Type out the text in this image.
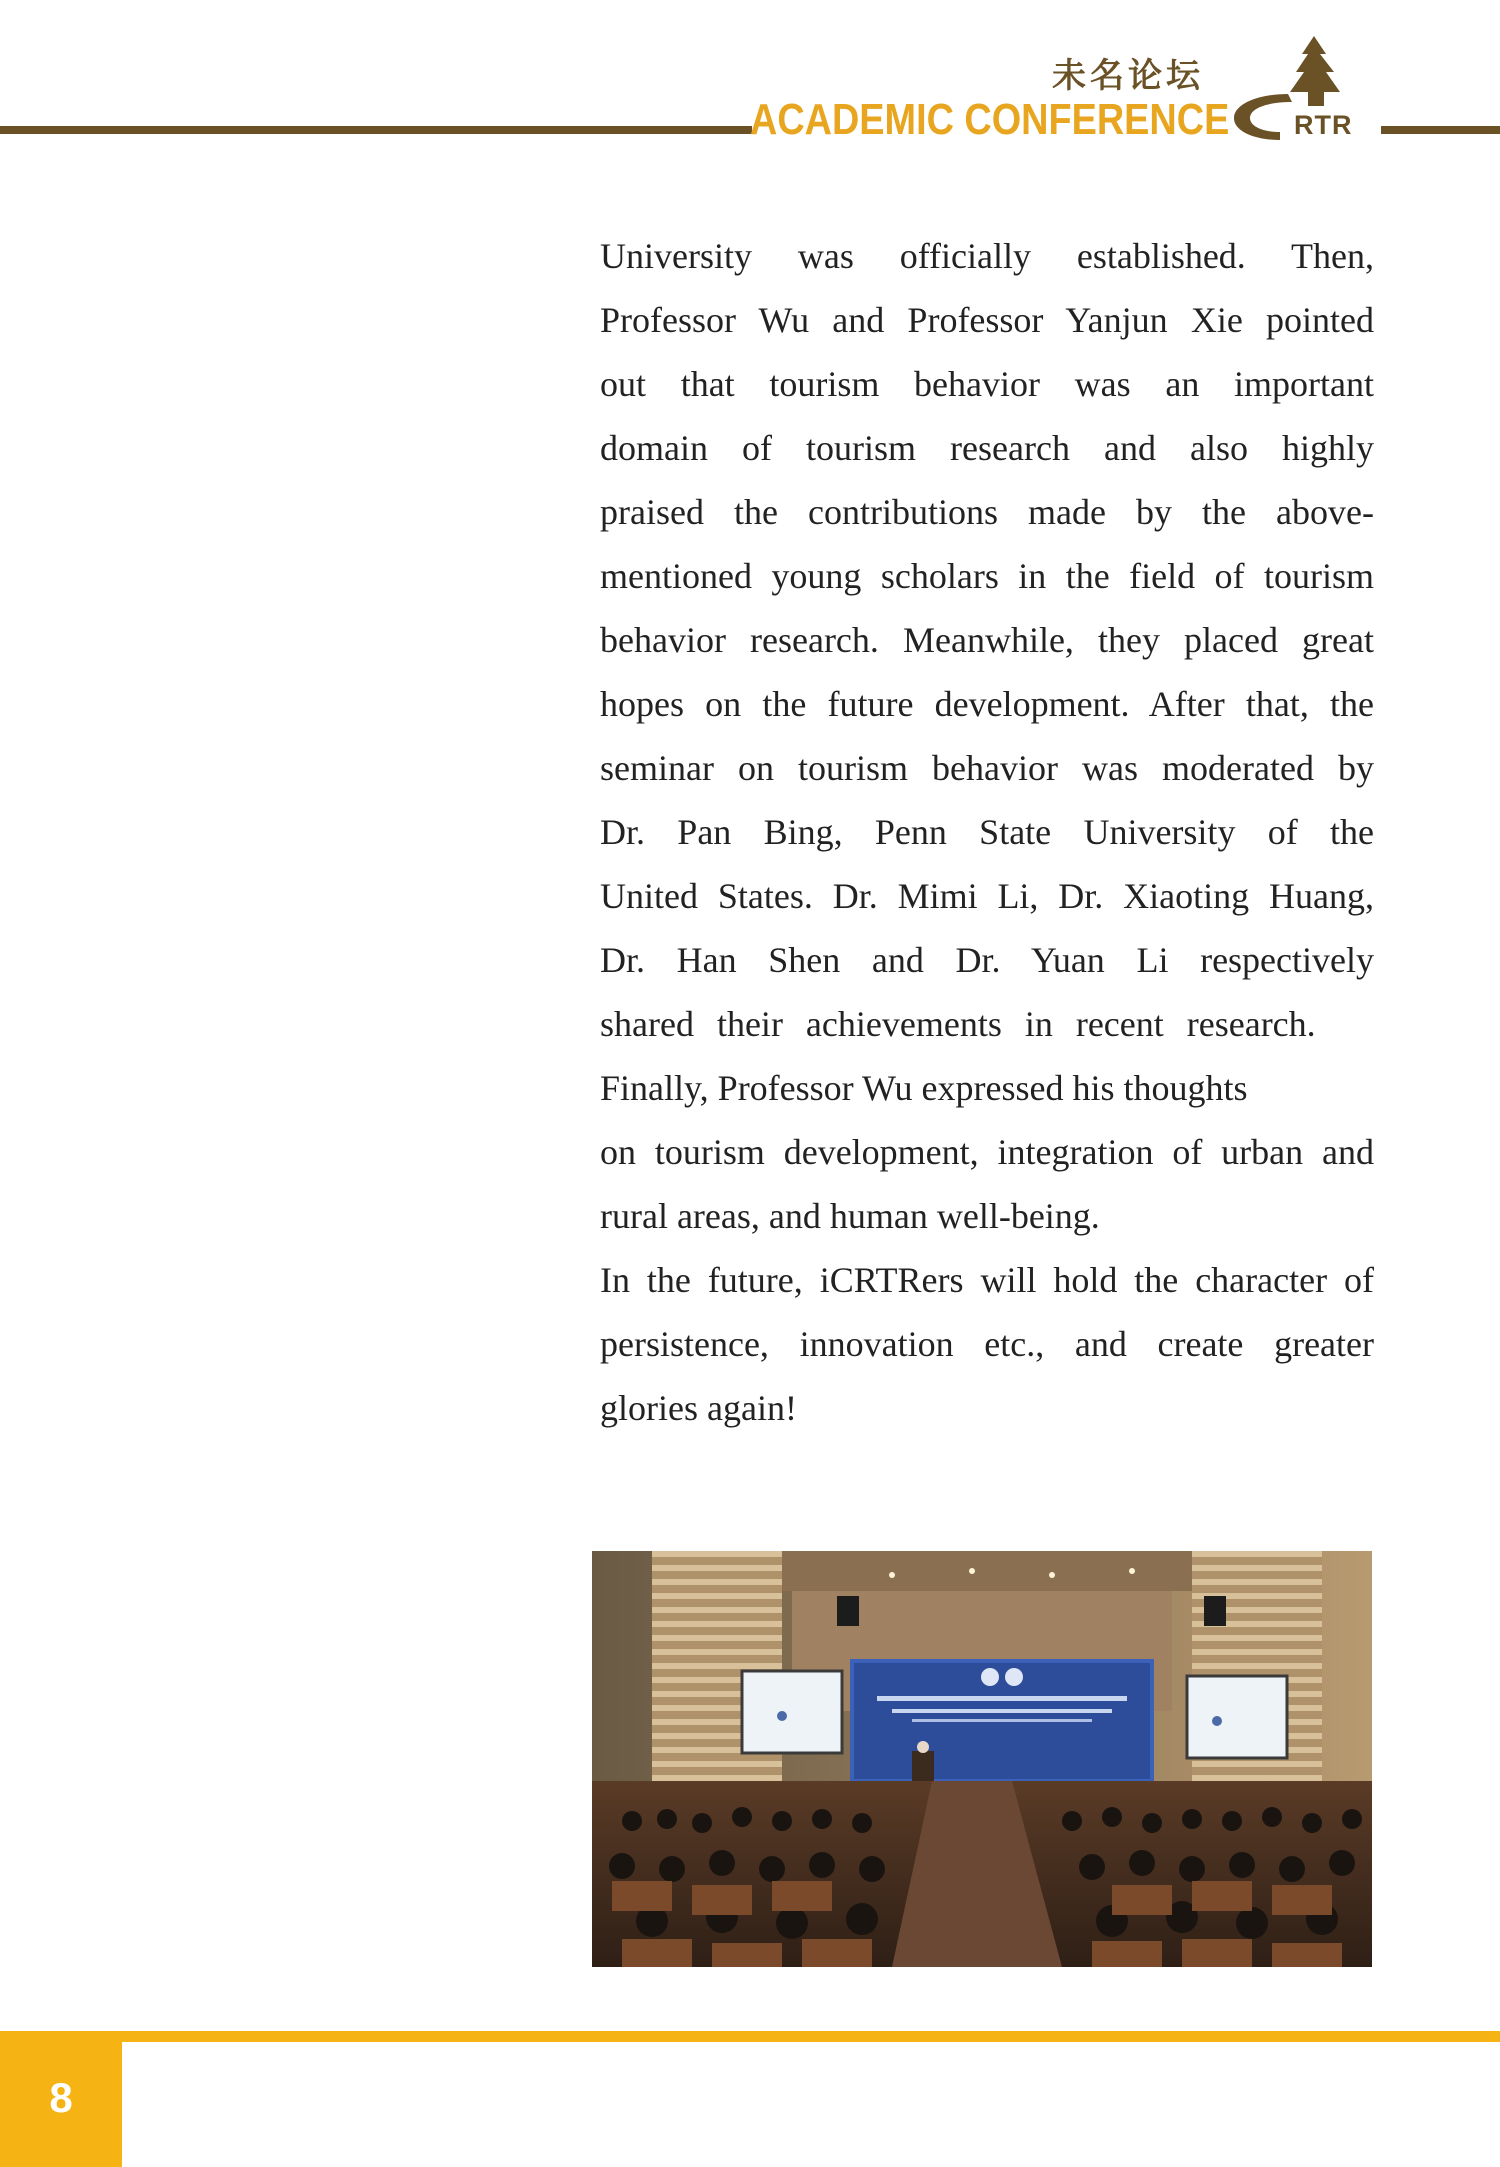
未名论坛
ACADEMIC CONFERENCE RTR

University was officially established. Then,
Professor Wu and Professor Yanjun Xie pointed
out that tourism behavior was an important
domain of tourism research and also highly
praised the contributions made by the above-
mentioned young scholars in the field of tourism
behavior research. Meanwhile, they placed great
hopes on the future development. After that, the
seminar on tourism behavior was moderated by
Dr. Pan Bing, Penn State University of the
United States. Dr. Mimi Li, Dr. Xiaoting Huang,
Dr. Han Shen and Dr. Yuan Li respectively
shared their achievements in recent research.
Finally, Professor Wu expressed his thoughts
on tourism development, integration of urban and
rural areas, and human well-being.

In the future, iCRTRers will hold the character of
persistence, innovation etc., and create greater
glories again!

8
